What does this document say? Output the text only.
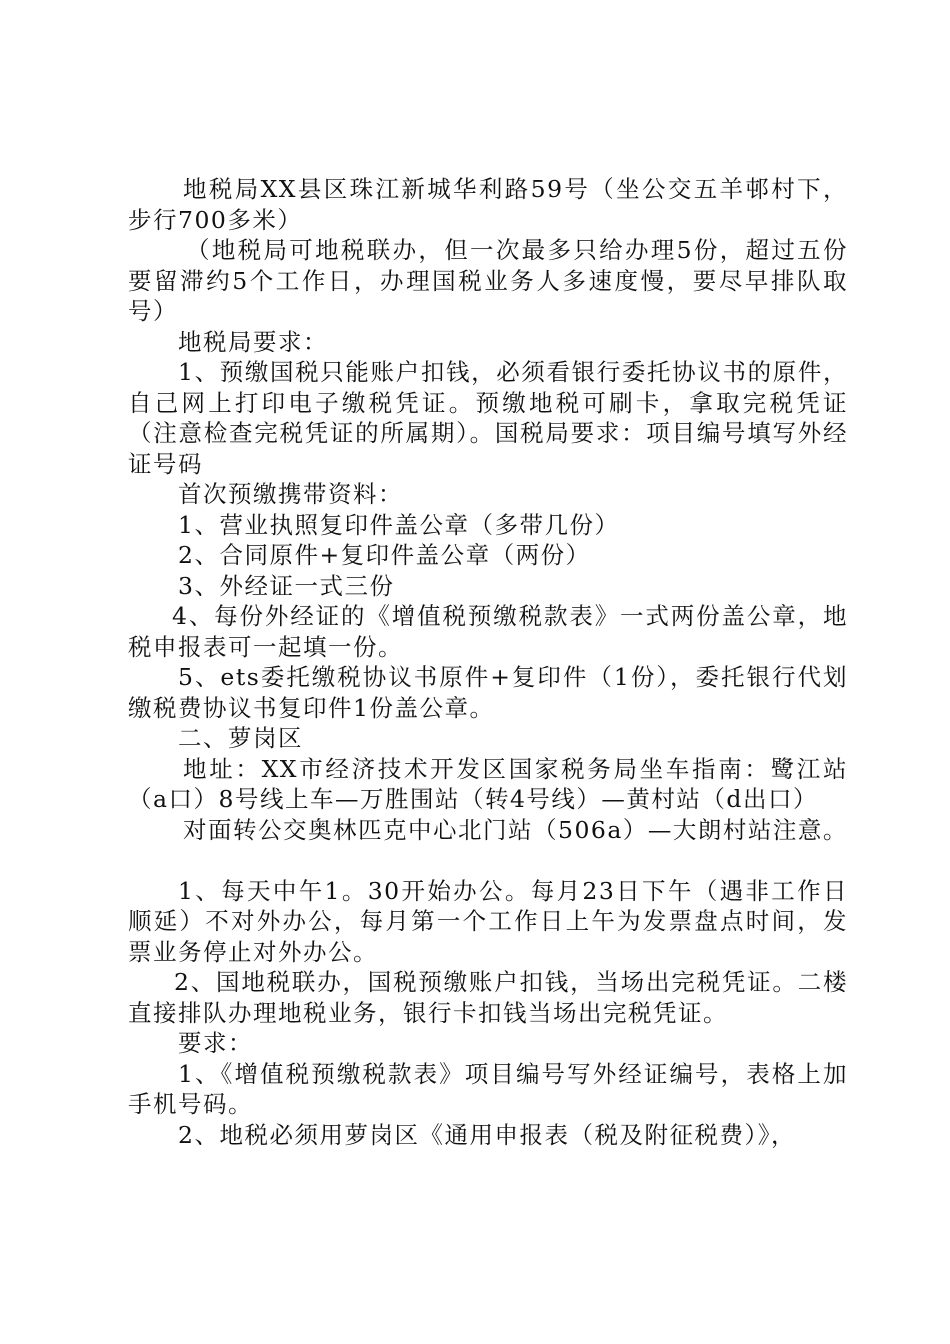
地税局XX县区珠江新城华利路59号（坐公交五羊邨村下，步行700多米）

（地税局可地税联办，但一次最多只给办理5份，超过五份要留滞约5个工作日，办理国税业务人多速度慢，要尽早排队取号）

地税局要求：

1、预缴国税只能账户扣钱，必须看银行委托协议书的原件，自己网上打印电子缴税凭证。预缴地税可刷卡，拿取完税凭证（注意检查完税凭证的所属期）。国税局要求：项目编号填写外经证号码

首次预缴携带资料：

1、营业执照复印件盖公章（多带几份）

2、合同原件+复印件盖公章（两份）

3、外经证一式三份

4、每份外经证的《增值税预缴税款表》一式两份盖公章，地税申报表可一起填一份。

5、ets委托缴税协议书原件+复印件（1份），委托银行代划缴税费协议书复印件1份盖公章。

二、萝岗区

地址：XX市经济技术开发区国家税务局坐车指南：鹭江站（a口）8号线上车—万胜围站（转4号线）—黄村站（d出口）

对面转公交奥林匹克中心北门站（506a）—大朗村站注意。

1、每天中午1。30开始办公。每月23日下午（遇非工作日顺延）不对外办公，每月第一个工作日上午为发票盘点时间，发票业务停止对外办公。

2、国地税联办，国税预缴账户扣钱，当场出完税凭证。二楼直接排队办理地税业务，银行卡扣钱当场出完税凭证。

要求：

1、《增值税预缴税款表》项目编号写外经证编号，表格上加手机号码。

2、地税必须用萝岗区《通用申报表（税及附征税费）》，
